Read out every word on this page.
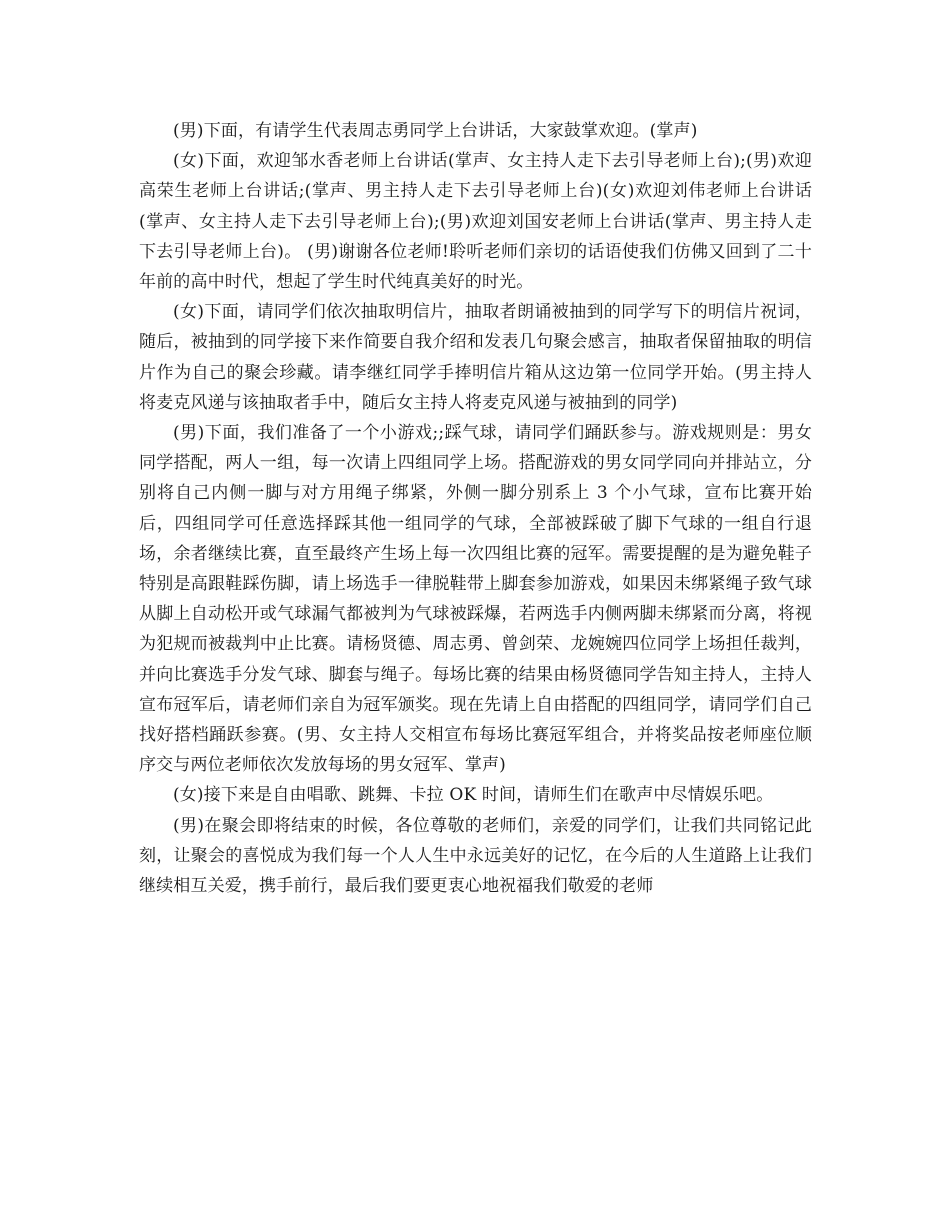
(男)下面，有请学生代表周志勇同学上台讲话，大家鼓掌欢迎。(掌声)

(女)下面，欢迎邹水香老师上台讲话(掌声、女主持人走下去引导老师上台);(男)欢迎高荣生老师上台讲话;(掌声、男主持人走下去引导老师上台)(女)欢迎刘伟老师上台讲话(掌声、女主持人走下去引导老师上台);(男)欢迎刘国安老师上台讲话(掌声、男主持人走下去引导老师上台)。 (男)谢谢各位老师!聆听老师们亲切的话语使我们仿佛又回到了二十年前的高中时代，想起了学生时代纯真美好的时光。

(女)下面，请同学们依次抽取明信片，抽取者朗诵被抽到的同学写下的明信片祝词，随后，被抽到的同学接下来作简要自我介绍和发表几句聚会感言，抽取者保留抽取的明信片作为自己的聚会珍藏。请李继红同学手捧明信片箱从这边第一位同学开始。(男主持人将麦克风递与该抽取者手中，随后女主持人将麦克风递与被抽到的同学)

(男)下面，我们准备了一个小游戏;;踩气球，请同学们踊跃参与。游戏规则是：男女同学搭配，两人一组，每一次请上四组同学上场。搭配游戏的男女同学同向并排站立，分别将自己内侧一脚与对方用绳子绑紧，外侧一脚分别系上 3 个小气球，宣布比赛开始后，四组同学可任意选择踩其他一组同学的气球，全部被踩破了脚下气球的一组自行退场，余者继续比赛，直至最终产生场上每一次四组比赛的冠军。需要提醒的是为避免鞋子特别是高跟鞋踩伤脚，请上场选手一律脱鞋带上脚套参加游戏，如果因未绑紧绳子致气球从脚上自动松开或气球漏气都被判为气球被踩爆，若两选手内侧两脚未绑紧而分离，将视为犯规而被裁判中止比赛。请杨贤德、周志勇、曾剑荣、龙婉婉四位同学上场担任裁判，并向比赛选手分发气球、脚套与绳子。每场比赛的结果由杨贤德同学告知主持人，主持人宣布冠军后，请老师们亲自为冠军颁奖。现在先请上自由搭配的四组同学，请同学们自己找好搭档踊跃参赛。(男、女主持人交相宣布每场比赛冠军组合，并将奖品按老师座位顺序交与两位老师依次发放每场的男女冠军、掌声)

(女)接下来是自由唱歌、跳舞、卡拉 OK 时间，请师生们在歌声中尽情娱乐吧。

(男)在聚会即将结束的时候，各位尊敬的老师们，亲爱的同学们，让我们共同铭记此刻，让聚会的喜悦成为我们每一个人人生中永远美好的记忆，在今后的人生道路上让我们继续相互关爱，携手前行，最后我们要更衷心地祝福我们敬爱的老师
